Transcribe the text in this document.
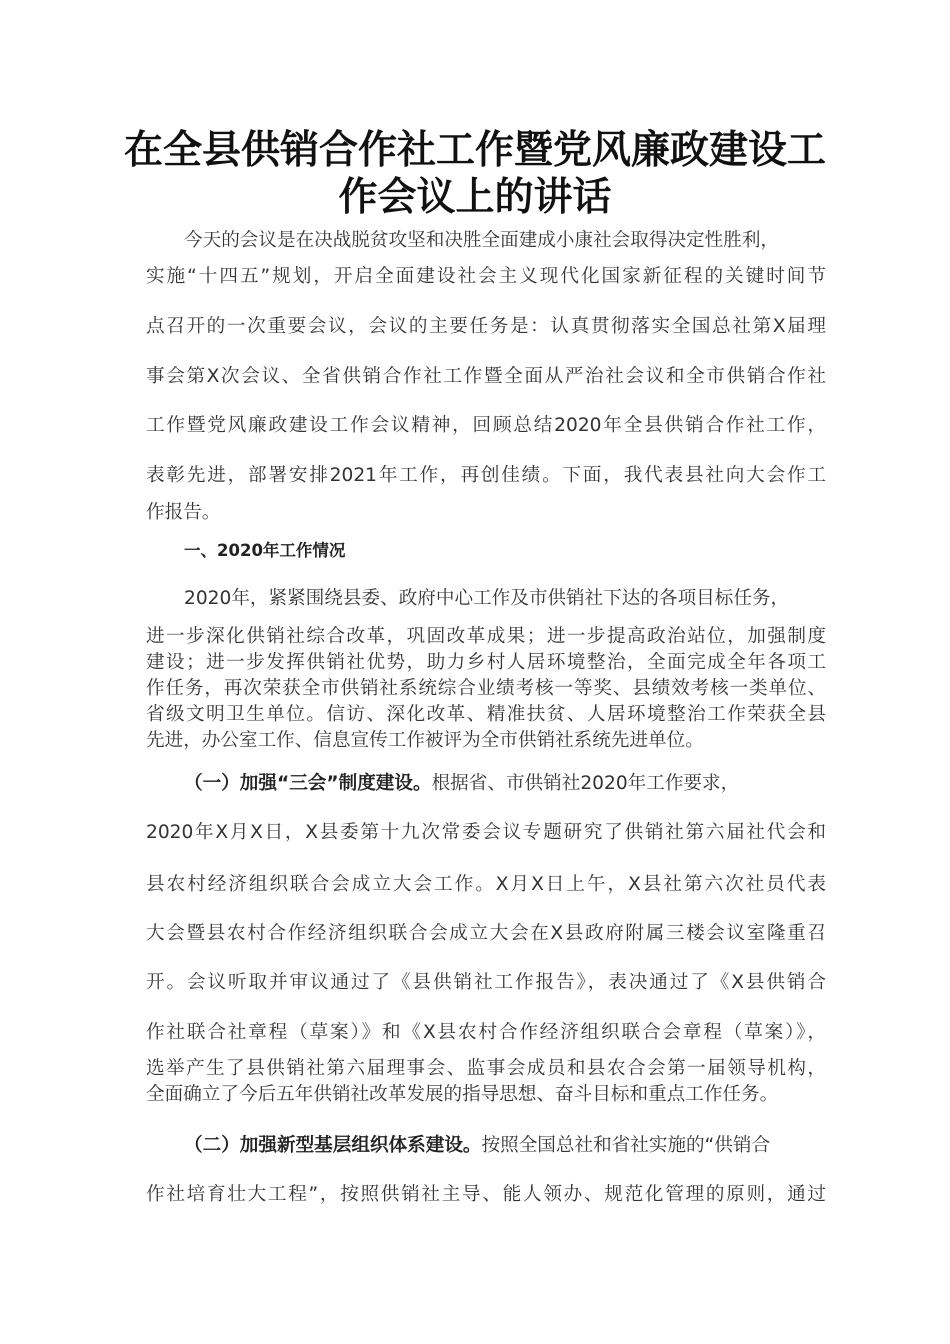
在全县供销合作社工作暨党风廉政建设工
作会议上的讲话
今天的会议是在决战脱贫攻坚和决胜全面建成小康社会取得决定性胜利，
实施“十四五”规划，开启全面建设社会主义现代化国家新征程的关键时间节
点召开的一次重要会议，会议的主要任务是：认真贯彻落实全国总社第X届理
事会第X次会议、全省供销合作社工作暨全面从严治社会议和全市供销合作社
工作暨党风廉政建设工作会议精神，回顾总结2020年全县供销合作社工作，
表彰先进，部署安排2021年工作，再创佳绩。下面，我代表县社向大会作工
作报告。
一、2020年工作情况
2020年，紧紧围绕县委、政府中心工作及市供销社下达的各项目标任务，
进一步深化供销社综合改革，巩固改革成果；进一步提高政治站位，加强制度
建设；进一步发挥供销社优势，助力乡村人居环境整治，全面完成全年各项工
作任务，再次荣获全市供销社系统综合业绩考核一等奖、县绩效考核一类单位、
省级文明卫生单位。信访、深化改革、精准扶贫、人居环境整治工作荣获全县
先进，办公室工作、信息宣传工作被评为全市供销社系统先进单位。
（一）加强“三会”制度建设。根据省、市供销社2020年工作要求，
2020年X月X日，X县委第十九次常委会议专题研究了供销社第六届社代会和
县农村经济组织联合会成立大会工作。X月X日上午，X县社第六次社员代表
大会暨县农村合作经济组织联合会成立大会在X县政府附属三楼会议室隆重召
开。会议听取并审议通过了《县供销社工作报告》，表决通过了《X县供销合
作社联合社章程（草案）》和《X县农村合作经济组织联合会章程（草案）》，
选举产生了县供销社第六届理事会、监事会成员和县农合会第一届领导机构，
全面确立了今后五年供销社改革发展的指导思想、奋斗目标和重点工作任务。
（二）加强新型基层组织体系建设。按照全国总社和省社实施的“供销合
作社培育壮大工程”，按照供销社主导、能人领办、规范化管理的原则，通过
